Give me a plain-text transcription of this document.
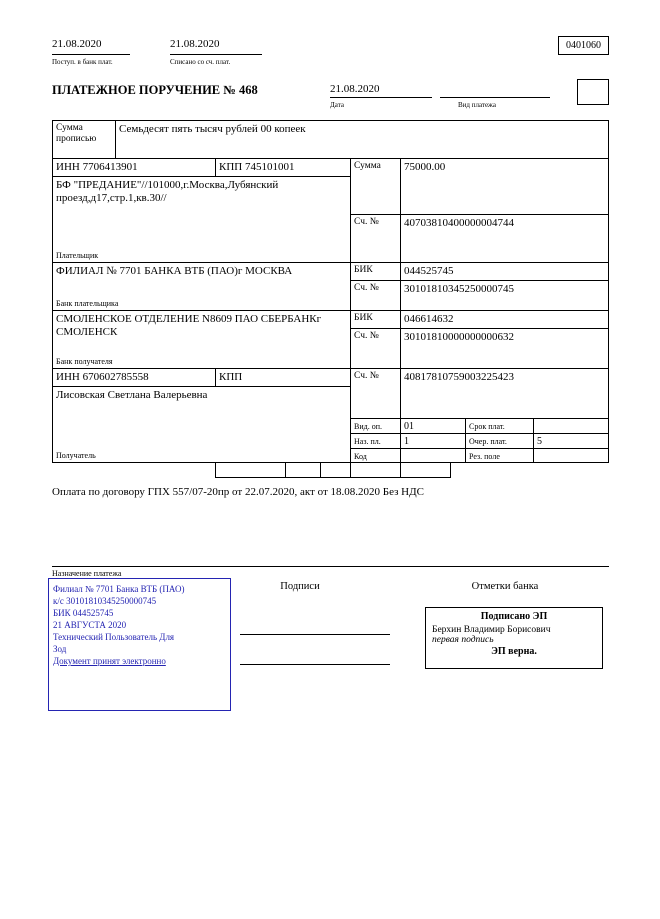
21.08.2020
Поступ. в банк плат.
21.08.2020
Списано со сч. плат.
0401060
ПЛАТЕЖНОЕ ПОРУЧЕНИЕ № 468	21.08.2020
Дата	Вид платежа
Сумма прописью
Семьдесят пять тысяч рублей 00 копеек
ИНН 7706413901	КПП 745101001	Сумма	75000.00
БФ "ПРЕДАНИЕ"//101000,г.Москва,Лубянский проезд,д17,стр.1,кв.30//
Плательщик
Сч. №	40703810400000004744
ФИЛИАЛ № 7701 БАНКА ВТБ (ПАО)г МОСКВА
Банк плательщика
БИК	044525745
Сч. №	30101810345250000745
СМОЛЕНСКОЕ ОТДЕЛЕНИЕ N8609 ПАО СБЕРБАНКг СМОЛЕНСК
Банк получателя
БИК	046614632
Сч. №	30101810000000000632
ИНН 670602785558	КПП
Лисовская Светлана Валерьевна
Получатель
Сч. №	40817810759003225423
Вид. оп.	01	Срок плат.
Наз. пл.	1	Очер. плат.	5
Код	Рез. поле
Оплата по договору ГПХ 557/07-20пр от 22.07.2020, акт от 18.08.2020 Без НДС
Назначение платежа

Филиал № 7701 Банка ВТБ (ПАО)

к/с 30101810345250000745

БИК 044525745

21 АВГУСТА 2020

Технический Пользователь Для

Зод

Документ принят электронно

Подписи	Отметки банка
Подписано ЭП
Берхин Владимир Борисович
первая подпись
ЭП верна.
